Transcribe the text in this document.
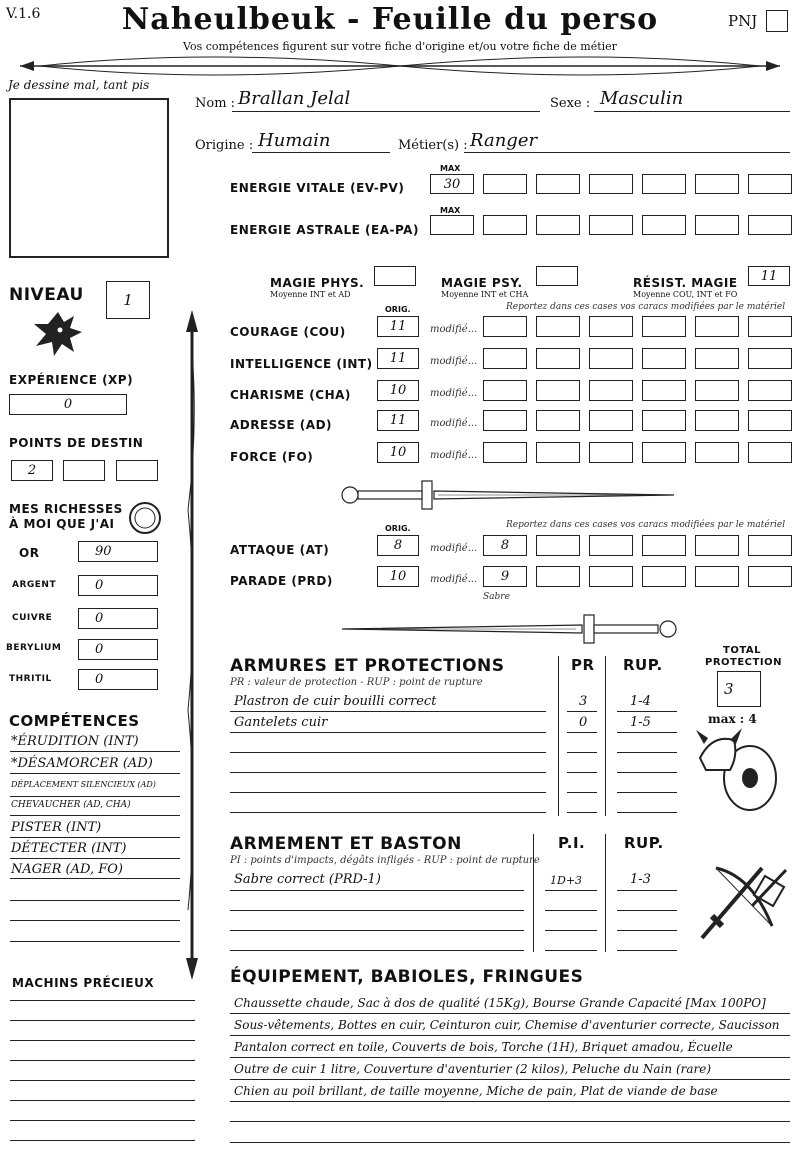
V.1.6	Naheulbeuk - Feuille du perso
Vos compétences figurent sur votre fiche d'origine et/ou votre fiche de métier
PNJ
Je dessine mal, tant pis
Nom : Brallan Jelal	Sexe : Masculin
Origine : Humain	Métier(s) : Ranger
MAX
ENERGIE VITALE (EV-PV)	30
MAX
ENERGIE ASTRALE (EA-PA)
MAGIE PHYS.
Moyenne INT et AD
MAGIE PSY.
Moyenne INT et CHA
RÉSIST. MAGIE
Moyenne COU, INT et FO
11
NIVEAU	1
EXPÉRIENCE (XP)
0
POINTS DE DESTIN
2
MES RICHESSES
À MOI QUE J'AI
OR	90
ARGENT	0
CUIVRE	0
BERYLIUM	0
THRITIL	0
ORIG.	Reportez dans ces cases vos caracs modifiées par le matériel
COURAGE (COU)	11	modifié...
INTELLIGENCE (INT)	11	modifié...
CHARISME (CHA)	10	modifié...
ADRESSE (AD)	11	modifié...
FORCE (FO)	10	modifié...
ORIG.	Reportez dans ces cases vos caracs modifiées par le matériel
ATTAQUE (AT)	8	modifié...	8
PARADE (PRD)	10	modifié...	9
Sabre
ARMURES ET PROTECTIONS
PR : valeur de protection - RUP : point de rupture
PR RUP.
Plastron de cuir bouilli correct	3	1-4
Gantelets cuir	0	1-5
TOTAL
PROTECTION
3
max : 4
ARMEMENT ET BASTON
PI : points d'impacts, dégâts infligés - RUP : point de rupture
P.I.	RUP.
Sabre correct (PRD-1)	1D+3	1-3
COMPÉTENCES
*ÉRUDITION (INT)
*DÉSAMORCER (AD)
DÉPLACEMENT SILENCIEUX (AD)
CHEVAUCHER (AD, CHA)
PISTER (INT)
DÉTECTER (INT)
NAGER (AD, FO)
MACHINS PRÉCIEUX	ÉQUIPEMENT, BABIOLES, FRINGUES
Chaussette chaude, Sac à dos de qualité (15Kg), Bourse Grande Capacité [Max 100PO]
Sous-vêtements, Bottes en cuir, Ceinturon cuir, Chemise d'aventurier correcte, Saucisson
Pantalon correct en toile, Couverts de bois, Torche (1H), Briquet amadou, Écuelle
Outre de cuir 1 litre, Couverture d'aventurier (2 kilos), Peluche du Nain (rare)
Chien au poil brillant, de taille moyenne, Miche de pain, Plat de viande de base
